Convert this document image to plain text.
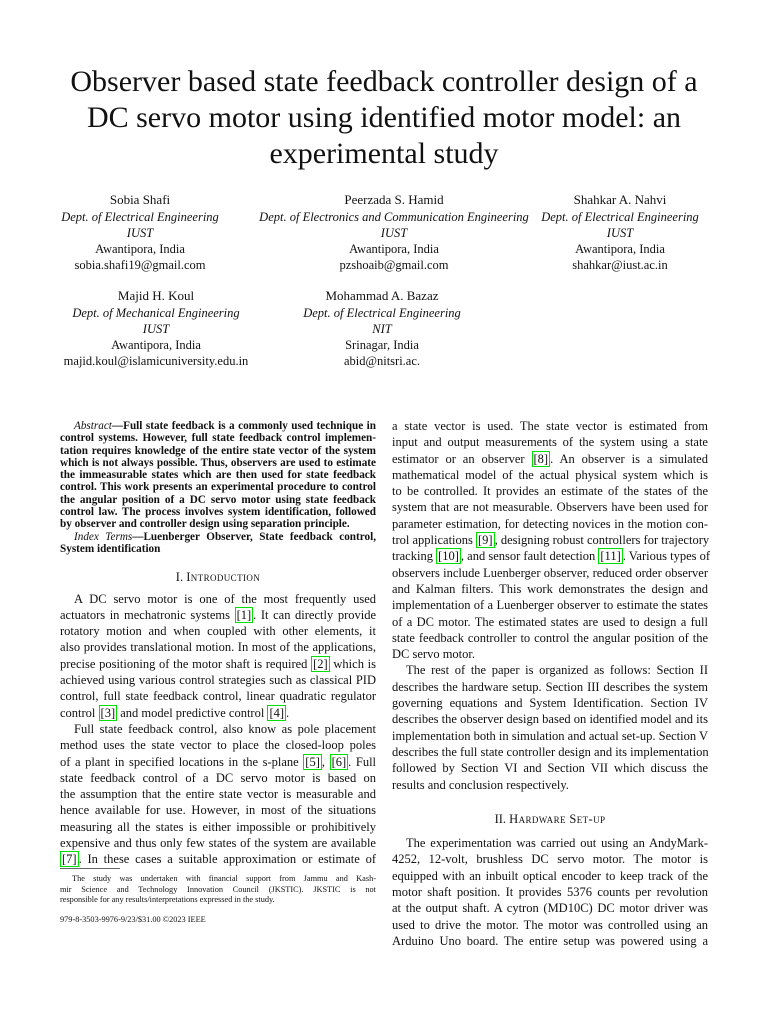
Observer based state feedback controller design of a
DC servo motor using identified motor model: an
experimental study
Sobia Shafi
Dept. of Electrical Engineering
IUST
Awantipora, India
sobia.shafi19@gmail.com
Peerzada S. Hamid
Dept. of Electronics and Communication Engineering
IUST
Awantipora, India
pzshoaib@gmail.com
Shahkar A. Nahvi
Dept. of Electrical Engineering
IUST
Awantipora, India
shahkar@iust.ac.in
Majid H. Koul
Dept. of Mechanical Engineering
IUST
Awantipora, India
majid.koul@islamicuniversity.edu.in
Mohammad A. Bazaz
Dept. of Electrical Engineering
NIT
Srinagar, India
abid@nitsri.ac.
Abstract—Full state feedback is a commonly used technique in
control systems. However, full state feedback control implemen-
tation requires knowledge of the entire state vector of the system
which is not always possible. Thus, observers are used to estimate
the immeasurable states which are then used for state feedback
control. This work presents an experimental procedure to control
the angular position of a DC servo motor using state feedback
control law. The process involves system identification, followed
by observer and controller design using separation principle.
Index Terms—Luenberger Observer, State feedback control,
System identification
I. Introduction
A DC servo motor is one of the most frequently used
actuators in mechatronic systems [1] . It can directly provide
rotatory motion and when coupled with other elements, it
also provides translational motion. In most of the applications,
precise positioning of the motor shaft is required [2] which is
achieved using various control strategies such as classical PID
control, full state feedback control, linear quadratic regulator
control [3] and model predictive control [4] .
Full state feedback control, also know as pole placement
method uses the state vector to place the closed-loop poles
of a plant in specified locations in the s-plane [5] , [6] . Full
state feedback control of a DC servo motor is based on
the assumption that the entire state vector is measurable and
hence available for use. However, in most of the situations
measuring all the states is either impossible or prohibitively
expensive and thus only few states of the system are available
[7] . In these cases a suitable approximation or estimate of
The study was undertaken with financial support from Jammu and Kash-
mir Science and Technology Innovation Council (JKSTIC). JKSTIC is not
responsible for any results/interpretations expressed in the study.
979-8-3503-9976-9/23/$31.00 ©2023 IEEE
a state vector is used. The state vector is estimated from
input and output measurements of the system using a state
estimator or an observer [8] . An observer is a simulated
mathematical model of the actual physical system which is
to be controlled. It provides an estimate of the states of the
system that are not measurable. Observers have been used for
parameter estimation, for detecting novices in the motion con-
trol applications [9] , designing robust controllers for trajectory
tracking [10] , and sensor fault detection [11] . Various types of
observers include Luenberger observer, reduced order observer
and Kalman filters. This work demonstrates the design and
implementation of a Luenberger observer to estimate the states
of a DC motor. The estimated states are used to design a full
state feedback controller to control the angular position of the
DC servo motor.
The rest of the paper is organized as follows: Section II
describes the hardware setup. Section III describes the system
governing equations and System Identification. Section IV
describes the observer design based on identified model and its
implementation both in simulation and actual set-up. Section V
describes the full state controller design and its implementation
followed by Section VI and Section VII which discuss the
results and conclusion respectively.
II. Hardware Set-up
The experimentation was carried out using an AndyMark-
4252, 12-volt, brushless DC servo motor. The motor is
equipped with an inbuilt optical encoder to keep track of the
motor shaft position. It provides 5376 counts per revolution
at the output shaft. A cytron (MD10C) DC motor driver was
used to drive the motor. The motor was controlled using an
Arduino Uno board. The entire setup was powered using a
